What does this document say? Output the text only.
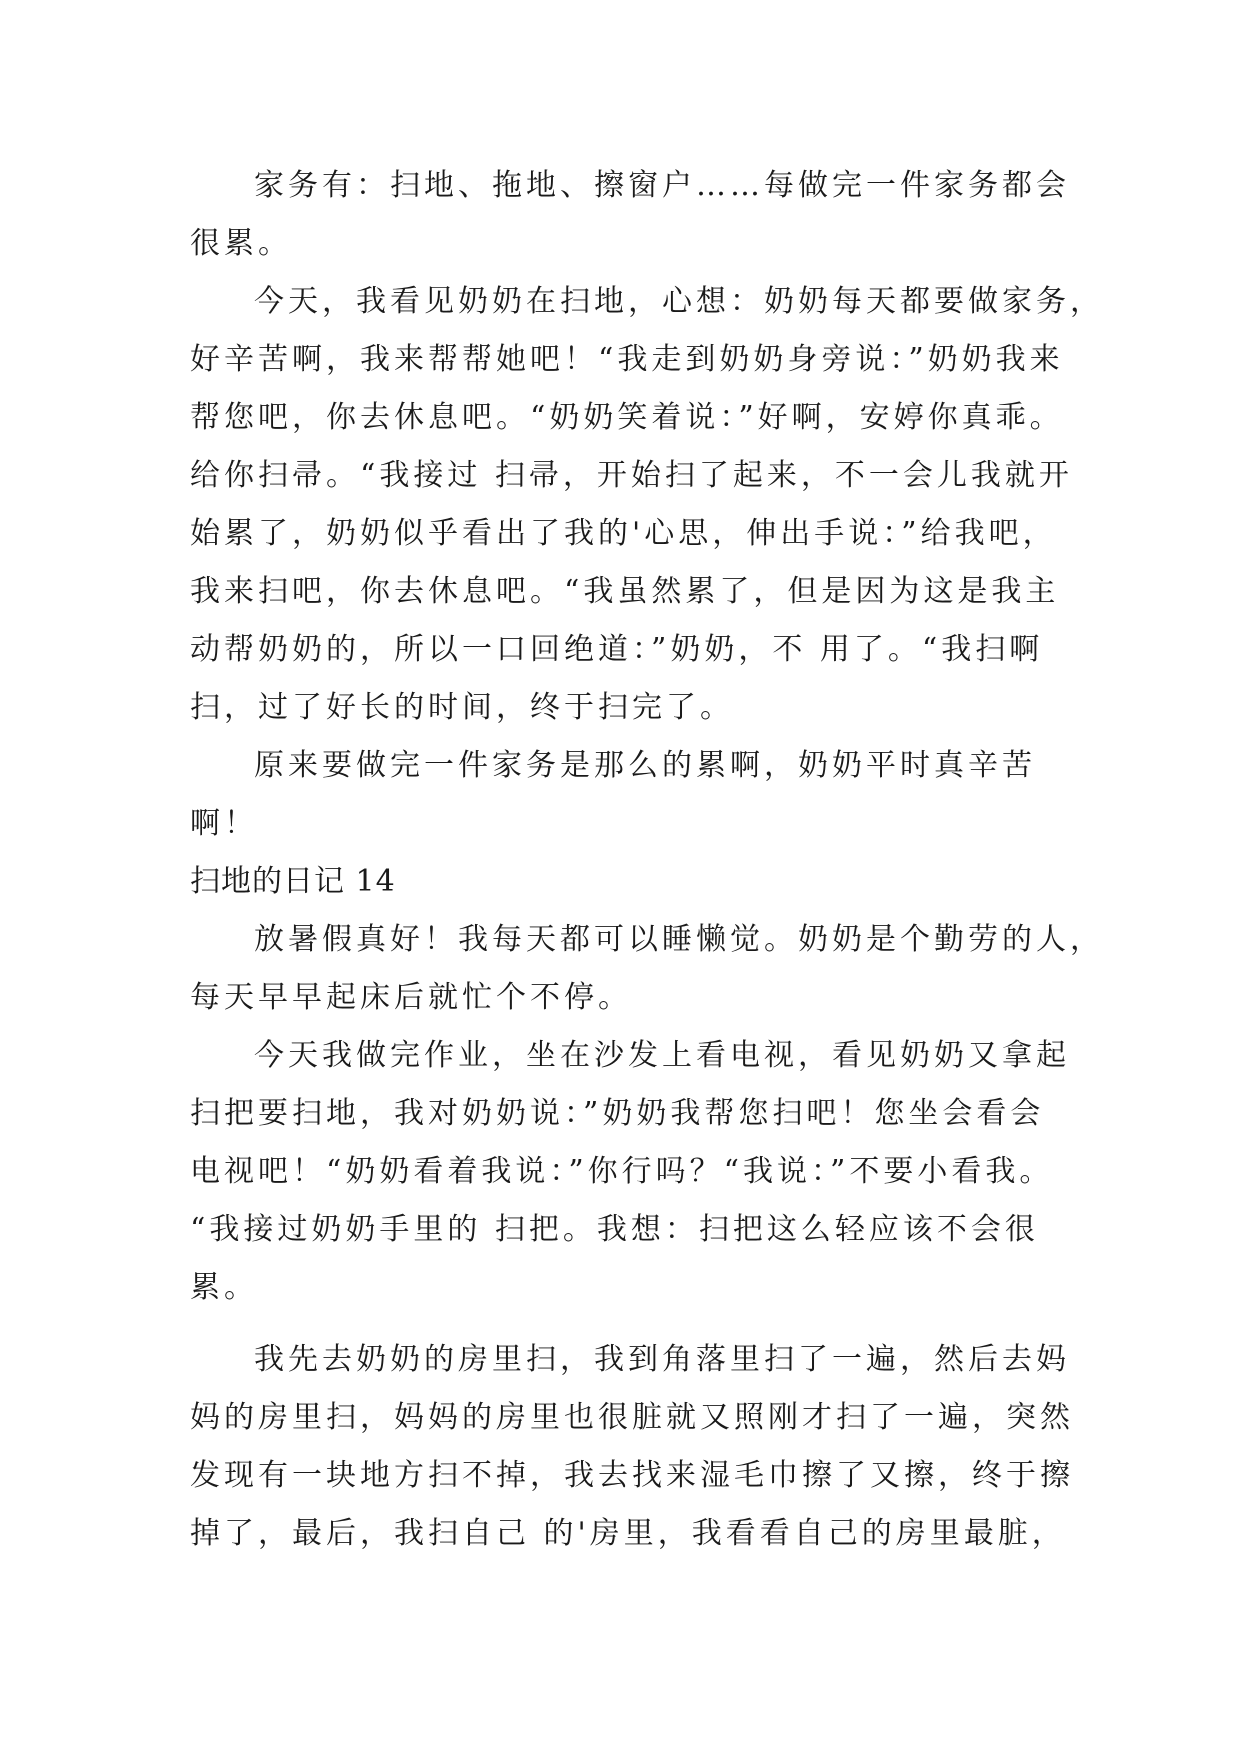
家务有：扫地、拖地、擦窗户……每做完一件家务都会
很累。
今天，我看见奶奶在扫地，心想：奶奶每天都要做家务，
好辛苦啊，我来帮帮她吧！“我走到奶奶身旁说：”奶奶我来
帮您吧，你去休息吧。“奶奶笑着说：”好啊，安婷你真乖。
给你扫帚。“我接过 扫帚，开始扫了起来，不一会儿我就开
始累了，奶奶似乎看出了我的'心思，伸出手说：”给我吧，
我来扫吧，你去休息吧。“我虽然累了，但是因为这是我主
动帮奶奶的，所以一口回绝道：”奶奶，不 用了。“我扫啊
扫，过了好长的时间，终于扫完了。
原来要做完一件家务是那么的累啊，奶奶平时真辛苦
啊！
扫地的日记 14
放暑假真好！我每天都可以睡懒觉。奶奶是个勤劳的人，
每天早早起床后就忙个不停。
今天我做完作业，坐在沙发上看电视，看见奶奶又拿起
扫把要扫地，我对奶奶说：”奶奶我帮您扫吧！您坐会看会
电视吧！“奶奶看着我说：”你行吗？“我说：”不要小看我。
“我接过奶奶手里的 扫把。我想：扫把这么轻应该不会很
累。
我先去奶奶的房里扫，我到角落里扫了一遍，然后去妈
妈的房里扫，妈妈的房里也很脏就又照刚才扫了一遍，突然
发现有一块地方扫不掉，我去找来湿毛巾擦了又擦，终于擦
掉了，最后，我扫自己 的'房里，我看看自己的房里最脏，
